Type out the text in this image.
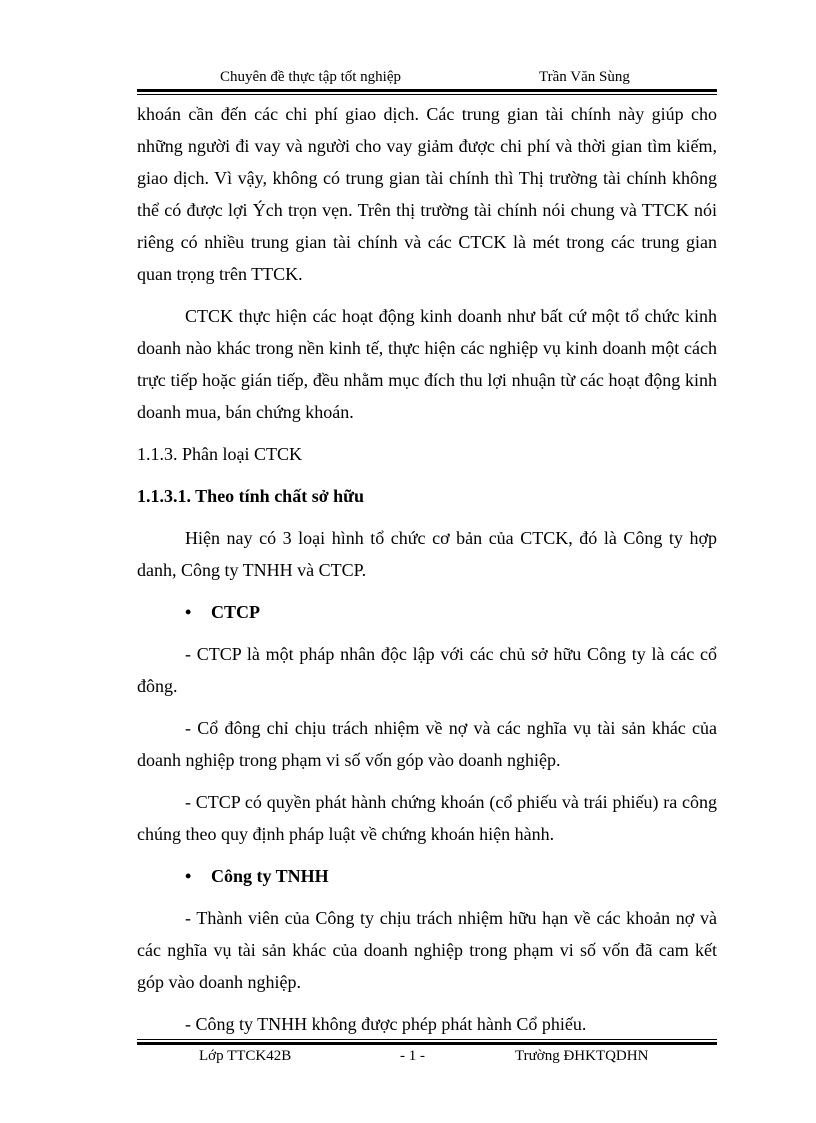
Chuyên đề thực tập tốt nghiệp	Trần Văn Sùng

khoán cần đến các chi phí giao dịch. Các trung gian tài chính này giúp cho những người đi vay và người cho vay giảm được chi phí và thời gian tìm kiếm, giao dịch. Vì vậy, không có trung gian tài chính thì Thị trường tài chính không thể có được lợi Ých trọn vẹn. Trên thị trường tài chính nói chung và TTCK nói riêng có nhiều trung gian tài chính và các CTCK là mét trong các trung gian quan trọng trên TTCK.

CTCK thực hiện các hoạt động kinh doanh như bất cứ một tổ chức kinh doanh nào khác trong nền kinh tế, thực hiện các nghiệp vụ kinh doanh một cách trực tiếp hoặc gián tiếp, đều nhằm mục đích thu lợi nhuận từ các hoạt động kinh doanh mua, bán chứng khoán.

1.1.3. Phân loại CTCK

1.1.3.1. Theo tính chất sở hữu

Hiện nay có 3 loại hình tổ chức cơ bản của CTCK, đó là Công ty hợp danh, Công ty TNHH và CTCP.

• CTCP

- CTCP là một pháp nhân độc lập với các chủ sở hữu Công ty là các cổ đông.

- Cổ đông chỉ chịu trách nhiệm về nợ và các nghĩa vụ tài sản khác của doanh nghiệp trong phạm vi số vốn góp vào doanh nghiệp.

- CTCP có quyền phát hành chứng khoán (cổ phiếu và trái phiếu) ra công chúng theo quy định pháp luật về chứng khoán hiện hành.

• Công ty TNHH

- Thành viên của Công ty chịu trách nhiệm hữu hạn về các khoản nợ và các nghĩa vụ tài sản khác của doanh nghiệp trong phạm vi số vốn đã cam kết góp vào doanh nghiệp.

- Công ty TNHH không được phép phát hành Cổ phiếu.

Lớp TTCK42B	- 1 -	Trường ĐHKTQDHN
